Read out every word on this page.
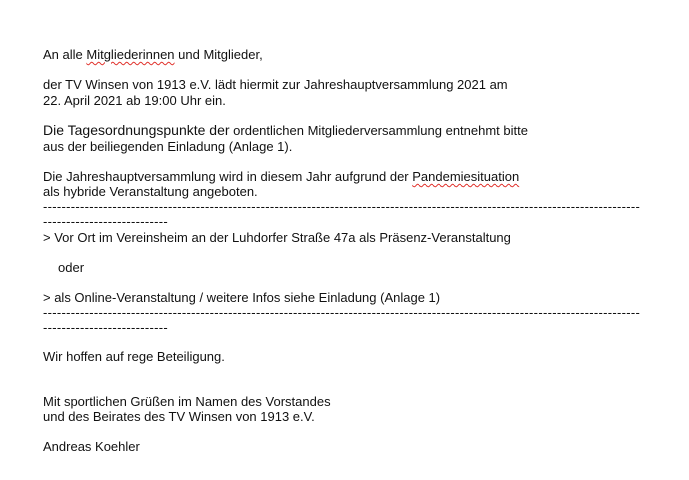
An alle Mitgliederinnen und Mitglieder,
der TV Winsen von 1913 e.V. lädt hiermit zur Jahreshauptversammlung 2021 am
22. April 2021 ab 19:00 Uhr ein.
Die Tagesordnungspunkte der ordentlichen Mitgliederversammlung entnehmt bitte
aus der beiliegenden Einladung (Anlage 1).
Die Jahreshauptversammlung wird in diesem Jahr aufgrund der Pandemiesituation
als hybride Veranstaltung angeboten.
------------------------------------------------------------------------------------------------------------------------------------------------------------
> Vor Ort im Vereinsheim an der Luhdorfer Straße 47a als Präsenz-Veranstaltung
oder
> als Online-Veranstaltung / weitere Infos siehe Einladung (Anlage 1)
------------------------------------------------------------------------------------------------------------------------------------------------------------
Wir hoffen auf rege Beteiligung.
Mit sportlichen Grüßen im Namen des Vorstandes
und des Beirates des TV Winsen von 1913 e.V.
Andreas Koehler
